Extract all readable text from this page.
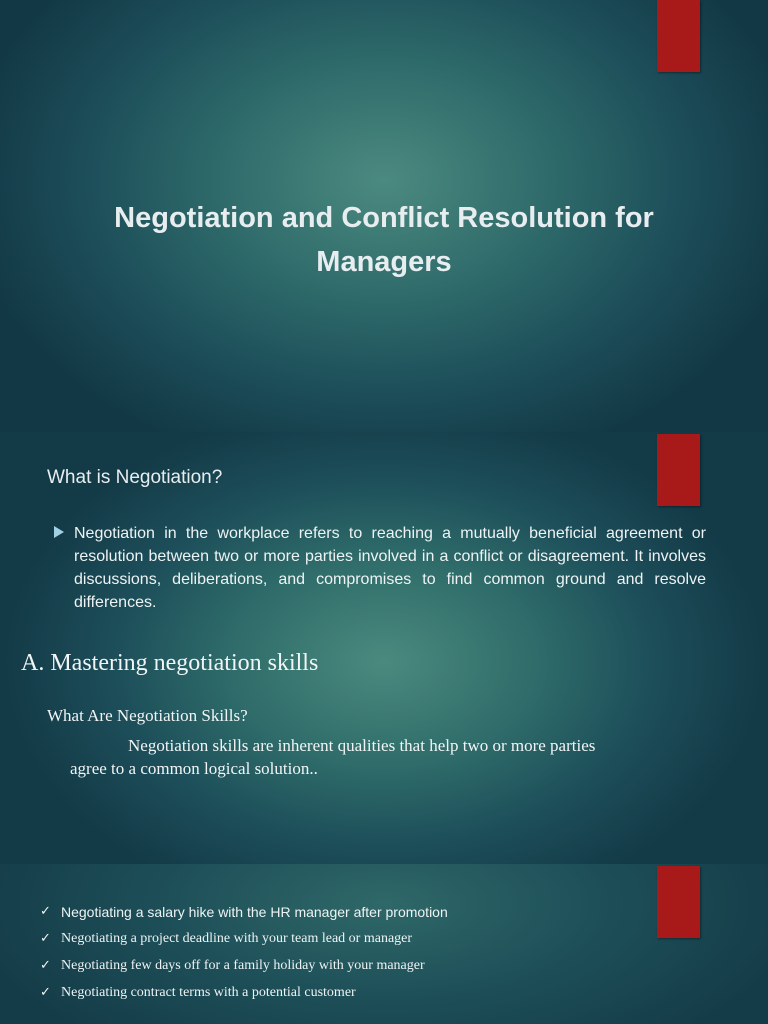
Negotiation and Conflict Resolution for Managers
What is Negotiation?

Negotiation in the workplace refers to reaching a mutually beneficial agreement or resolution between two or more parties involved in a conflict or disagreement. It involves discussions, deliberations, and compromises to find common ground and resolve differences.

A. Mastering negotiation skills

What Are Negotiation Skills?

Negotiation skills are inherent qualities that help two or more parties agree to a common logical solution..

✓ Negotiating a salary hike with the HR manager after promotion
✓ Negotiating a project deadline with your team lead or manager
✓ Negotiating few days off for a family holiday with your manager
✓ Negotiating contract terms with a potential customer
